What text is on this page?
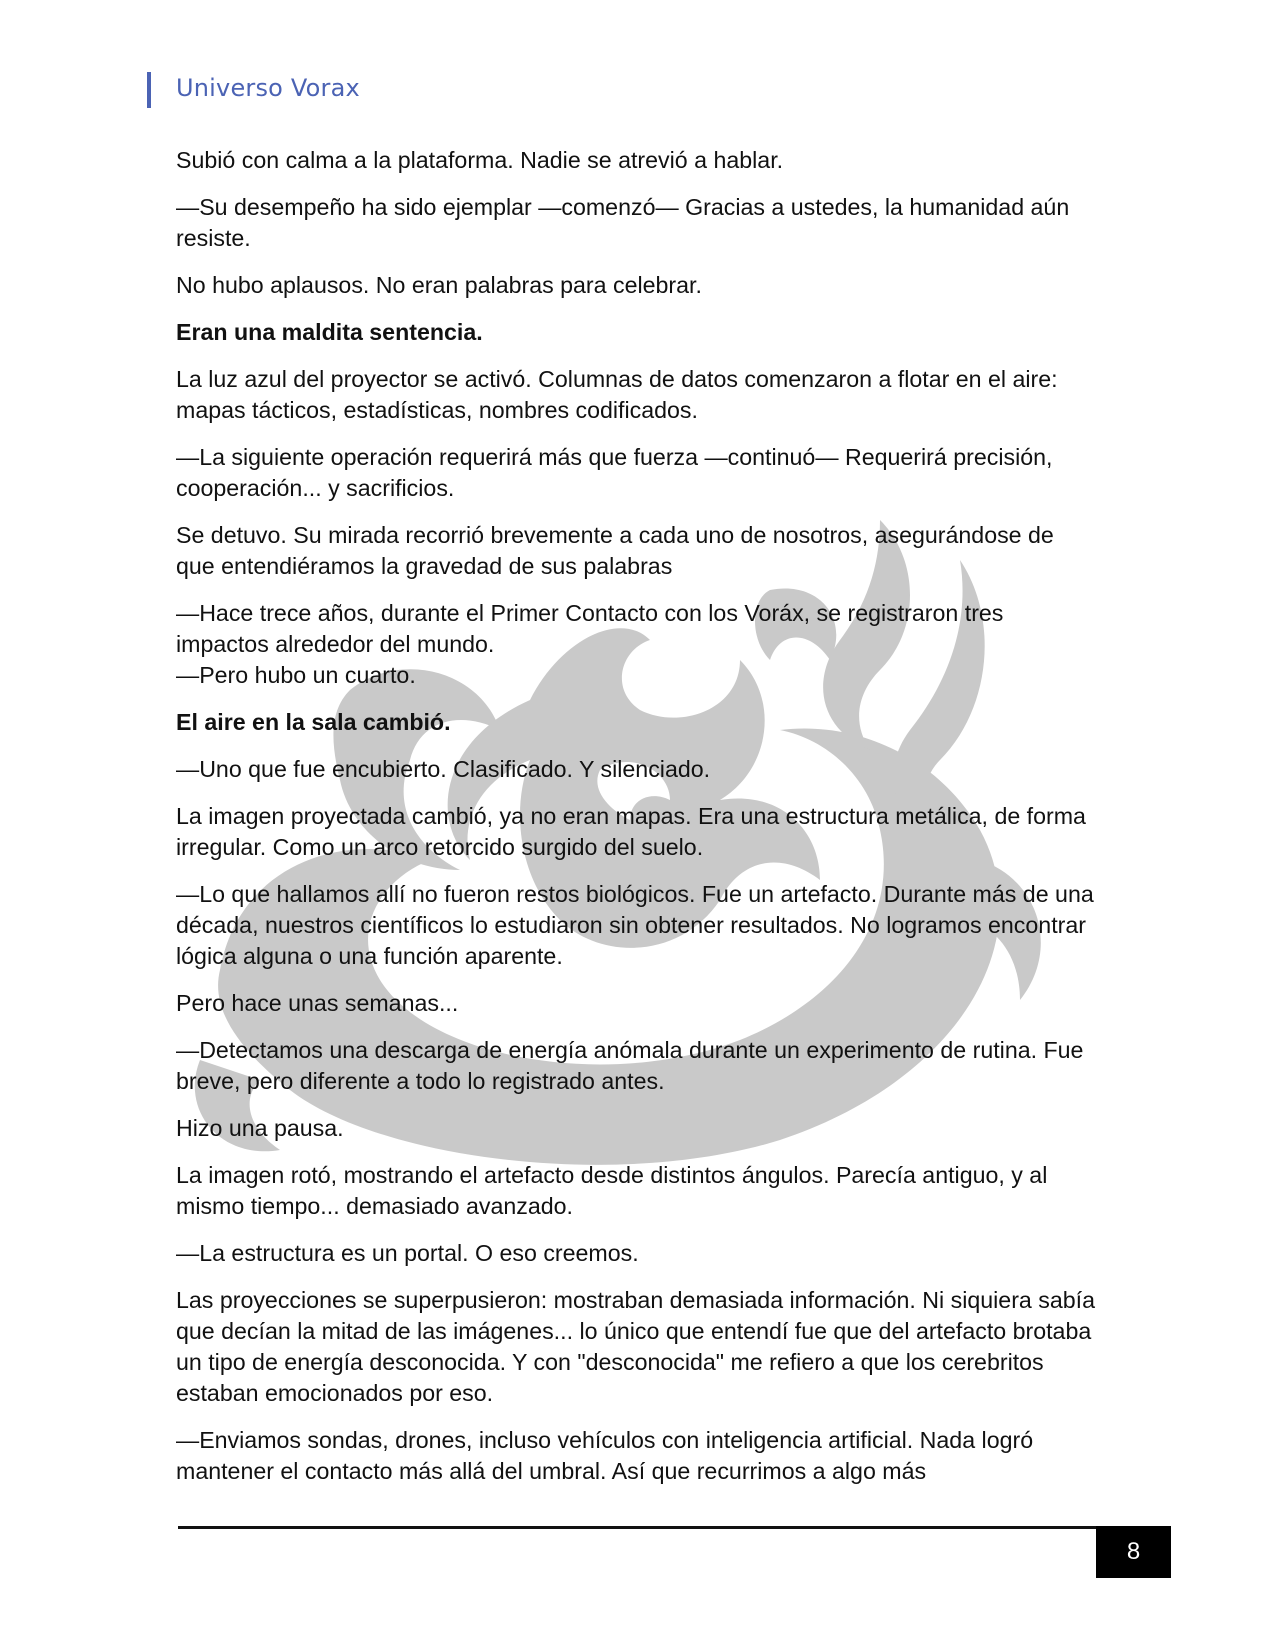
Universo Vorax

Subió con calma a la plataforma. Nadie se atrevió a hablar.

—Su desempeño ha sido ejemplar —comenzó— Gracias a ustedes, la humanidad aún resiste.

No hubo aplausos. No eran palabras para celebrar.

Eran una maldita sentencia.

La luz azul del proyector se activó. Columnas de datos comenzaron a flotar en el aire: mapas tácticos, estadísticas, nombres codificados.

—La siguiente operación requerirá más que fuerza —continuó— Requerirá precisión, cooperación... y sacrificios.

Se detuvo. Su mirada recorrió brevemente a cada uno de nosotros, asegurándose de que entendiéramos la gravedad de sus palabras

—Hace trece años, durante el Primer Contacto con los Voráx, se registraron tres impactos alrededor del mundo.

—Pero hubo un cuarto.

El aire en la sala cambió.

—Uno que fue encubierto. Clasificado. Y silenciado.

La imagen proyectada cambió, ya no eran mapas. Era una estructura metálica, de forma irregular. Como un arco retorcido surgido del suelo.

—Lo que hallamos allí no fueron restos biológicos. Fue un artefacto. Durante más de una década, nuestros científicos lo estudiaron sin obtener resultados. No logramos encontrar lógica alguna o una función aparente.

Pero hace unas semanas...

—Detectamos una descarga de energía anómala durante un experimento de rutina. Fue breve, pero diferente a todo lo registrado antes.

Hizo una pausa.

La imagen rotó, mostrando el artefacto desde distintos ángulos. Parecía antiguo, y al mismo tiempo... demasiado avanzado.

—La estructura es un portal. O eso creemos.

Las proyecciones se superpusieron: mostraban demasiada información. Ni siquiera sabía que decían la mitad de las imágenes... lo único que entendí fue que del artefacto brotaba un tipo de energía desconocida. Y con "desconocida" me refiero a que los cerebritos estaban emocionados por eso.

—Enviamos sondas, drones, incluso vehículos con inteligencia artificial. Nada logró mantener el contacto más allá del umbral. Así que recurrimos a algo más

8
